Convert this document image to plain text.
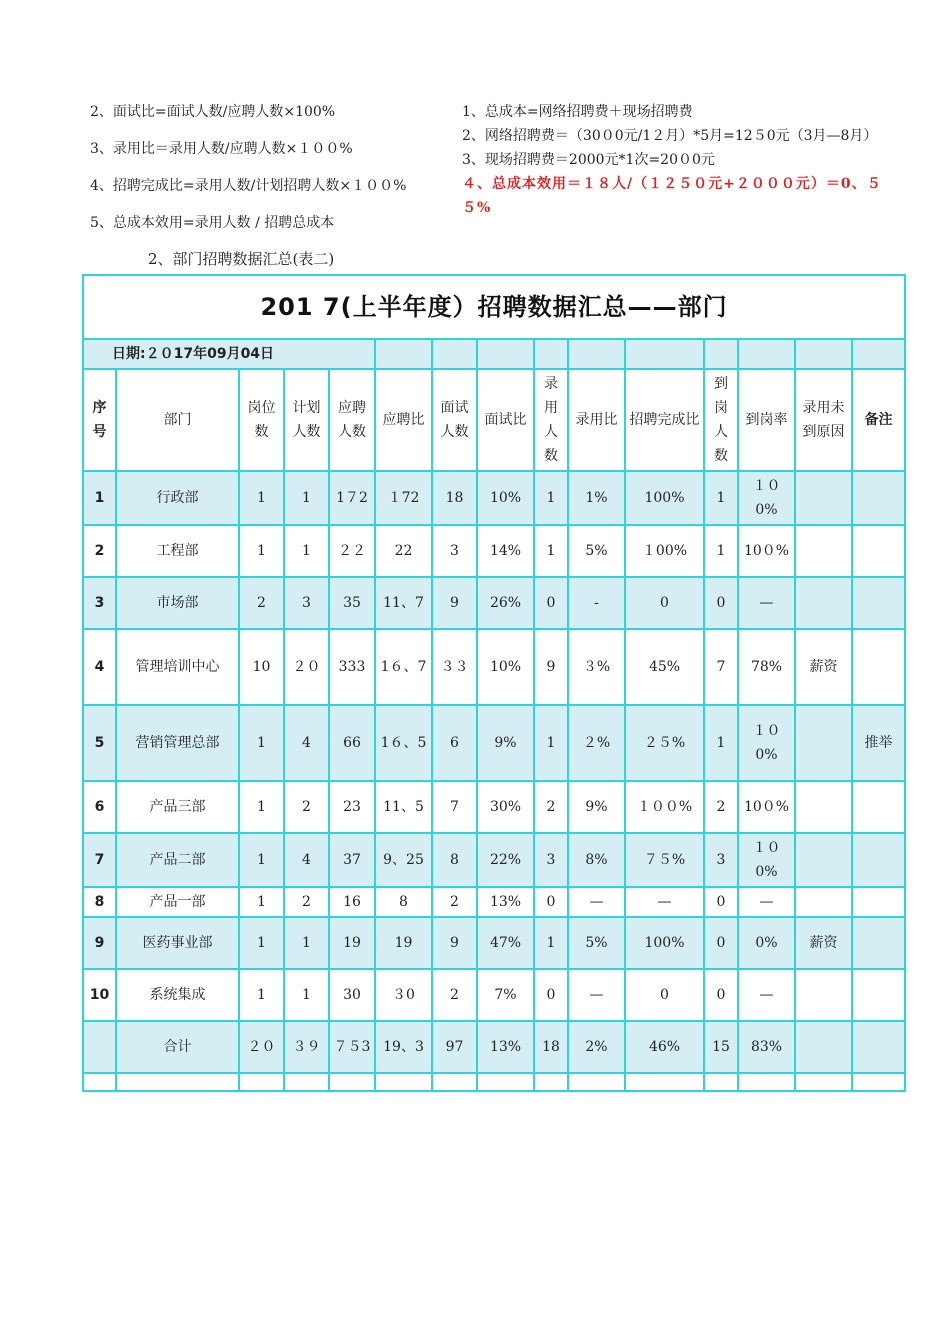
2、面试比=面试人数/应聘人数×100%
3、录用比＝录用人数/应聘人数×１００%
4、招聘完成比=录用人数/计划招聘人数×１００%
5、总成本效用=录用人数 / 招聘总成本
1、总成本=网络招聘费＋现场招聘费
2、网络招聘费＝（30０0元/1２月）*5月=12５0元（3月—8月）
3、现场招聘费＝2000元*1次=20０0元
４、总成本效用＝１８人/（１２５０元+２０００元）＝0、５５%
2、部门招聘数据汇总(表二)
201 7(上半年度）招聘数据汇总——部门														
日期:２０17年09月04日														
序号	部门	岗位数	计划人数	应聘人数	应聘比	面试人数	面试比	录用人数	录用比	招聘完成比	到岗人数	到岗率	录用未到原因	备注
1	行政部	1	1	1７2	１72	18	10%	1	1%	100%	1	１０0%		
2	工程部	1	1	２２	22	3	14%	1	5%	１00%	1	10０%		
3	市场部	2	3	35	11、7	9	26%	0	-	0	0	—		
4	管理培训中心	10	２０	333	1６、7	３３	10%	9	３%	45%	7	78%	薪资	
5	营销管理总部	1	4	66	1６、5	6	9%	1	２%	２５%	1	１０0%		推举
6	产品三部	1	2	23	11、5	7	30%	2	9%	１００%	2	10０%		
7	产品二部	1	4	37	9、25	8	22%	3	8%	７５%	3	１０0%		
8	产品一部	1	2	16	8	2	13%	0	—	—	0	—		
9	医药事业部	1	1	19	19	9	47%	1	5%	100%	0	0%	薪资	
10	系统集成	1	1	30	３0	2	7%	0	—	0	0	—		
	合计	２０	３９	７５3	19、3	97	13%	18	2%	46%	15	83%		
